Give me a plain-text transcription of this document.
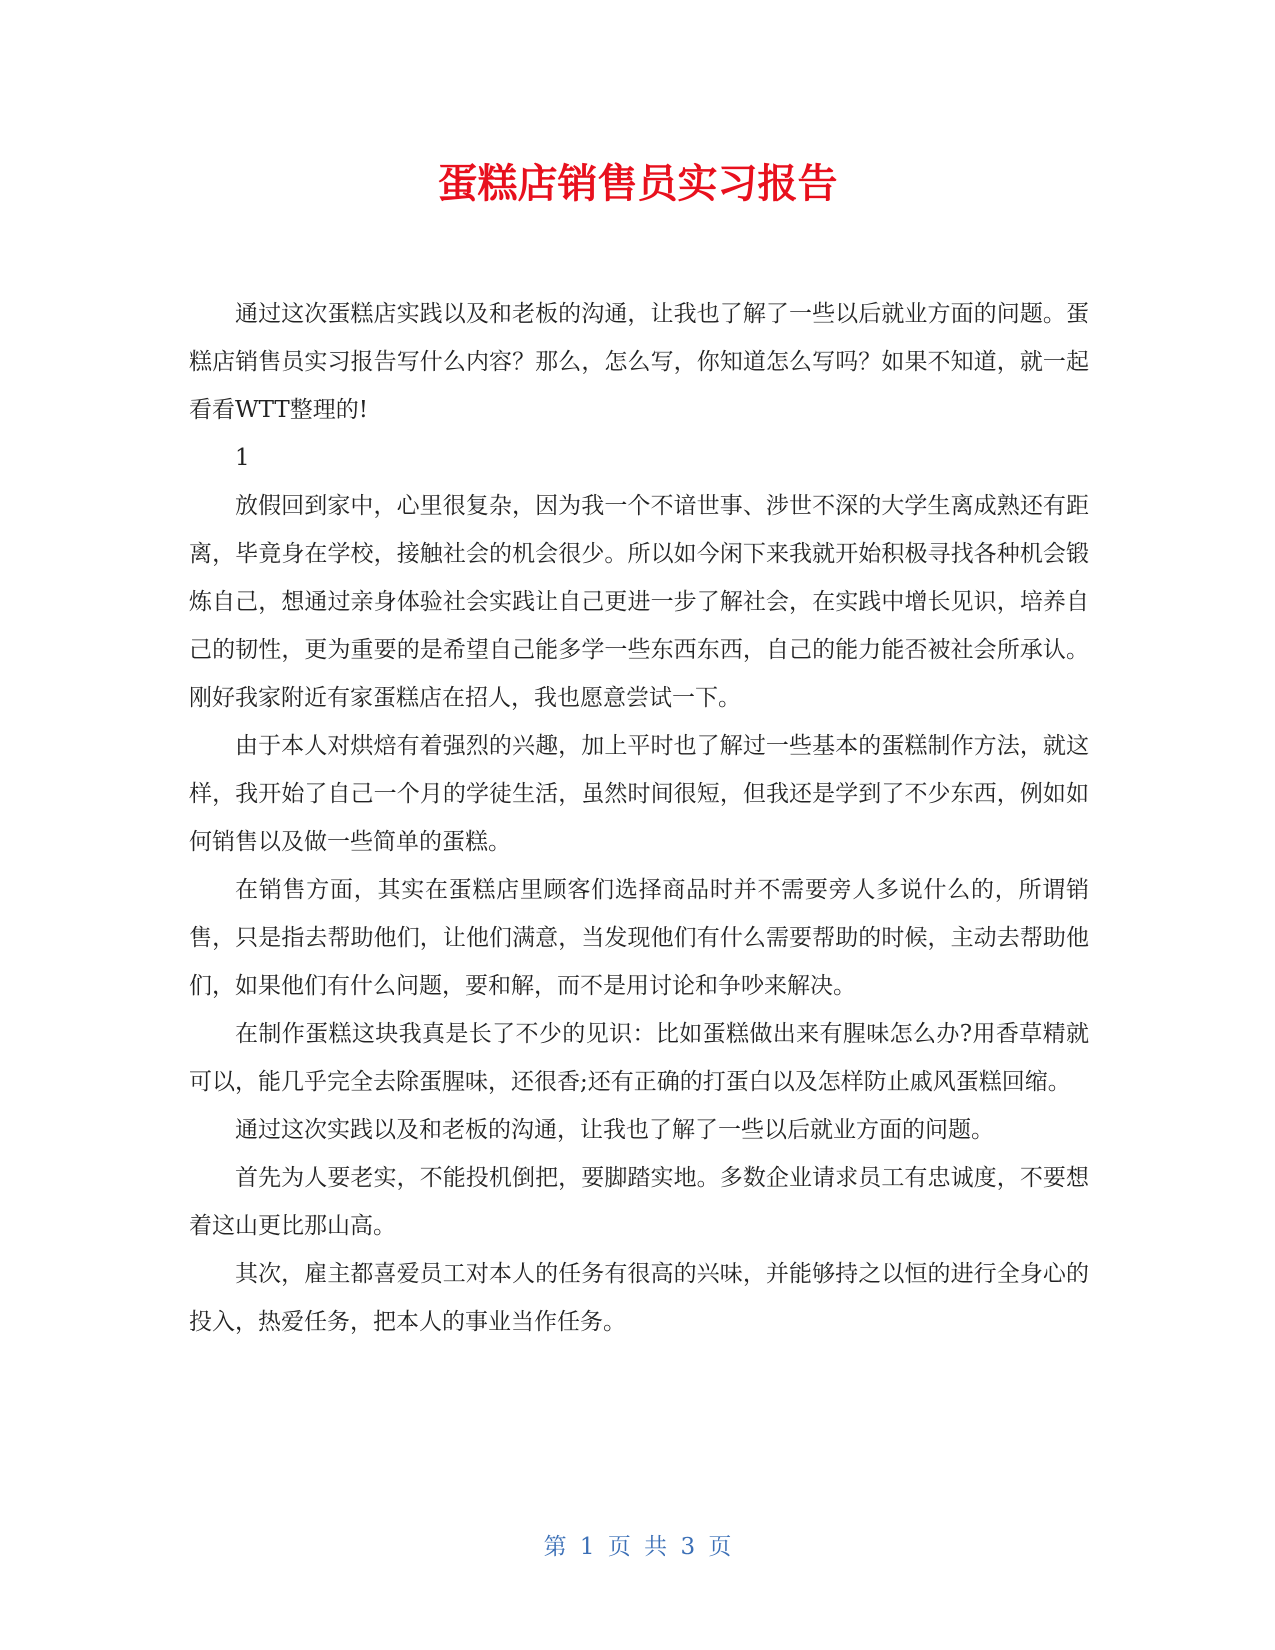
蛋糕店销售员实习报告

通过这次蛋糕店实践以及和老板的沟通，让我也了解了一些以后就业方面的问题。蛋糕店销售员实习报告写什么内容？那么，怎么写，你知道怎么写吗？如果不知道，就一起看看WTT整理的!

1

放假回到家中，心里很复杂，因为我一个不谙世事、涉世不深的大学生离成熟还有距离，毕竟身在学校，接触社会的机会很少。所以如今闲下来我就开始积极寻找各种机会锻炼自己，想通过亲身体验社会实践让自己更进一步了解社会，在实践中增长见识，培养自己的韧性，更为重要的是希望自己能多学一些东西东西，自己的能力能否被社会所承认。刚好我家附近有家蛋糕店在招人，我也愿意尝试一下。

由于本人对烘焙有着强烈的兴趣，加上平时也了解过一些基本的蛋糕制作方法，就这样，我开始了自己一个月的学徒生活，虽然时间很短，但我还是学到了不少东西，例如如何销售以及做一些简单的蛋糕。

在销售方面，其实在蛋糕店里顾客们选择商品时并不需要旁人多说什么的，所谓销售，只是指去帮助他们，让他们满意，当发现他们有什么需要帮助的时候，主动去帮助他们，如果他们有什么问题，要和解，而不是用讨论和争吵来解决。

在制作蛋糕这块我真是长了不少的见识：比如蛋糕做出来有腥味怎么办?用香草精就可以，能几乎完全去除蛋腥味，还很香;还有正确的打蛋白以及怎样防止戚风蛋糕回缩。

通过这次实践以及和老板的沟通，让我也了解了一些以后就业方面的问题。

首先为人要老实，不能投机倒把，要脚踏实地。多数企业请求员工有忠诚度，不要想着这山更比那山高。

其次，雇主都喜爱员工对本人的任务有很高的兴味，并能够持之以恒的进行全身心的投入，热爱任务，把本人的事业当作任务。

第 1 页 共 3 页
